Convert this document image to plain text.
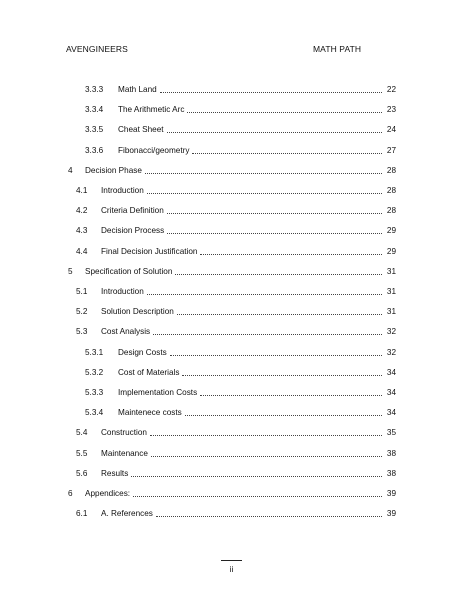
AVENGINEERS	MATH PATH
3.3.3	Math Land	22
3.3.4	The Arithmetic Arc	23
3.3.5	Cheat Sheet	24
3.3.6	Fibonacci/geometry	27
4	Decision Phase	28
4.1	Introduction	28
4.2	Criteria Definition	28
4.3	Decision Process	29
4.4	Final Decision Justification	29
5	Specification of Solution	31
5.1	Introduction	31
5.2	Solution Description	31
5.3	Cost Analysis	32
5.3.1	Design Costs	32
5.3.2	Cost of Materials	34
5.3.3	Implementation Costs	34
5.3.4	Maintenece costs	34
5.4	Construction	35
5.5	Maintenance	38
5.6	Results	38
6	Appendices:	39
6.1	A. References	39
ii
